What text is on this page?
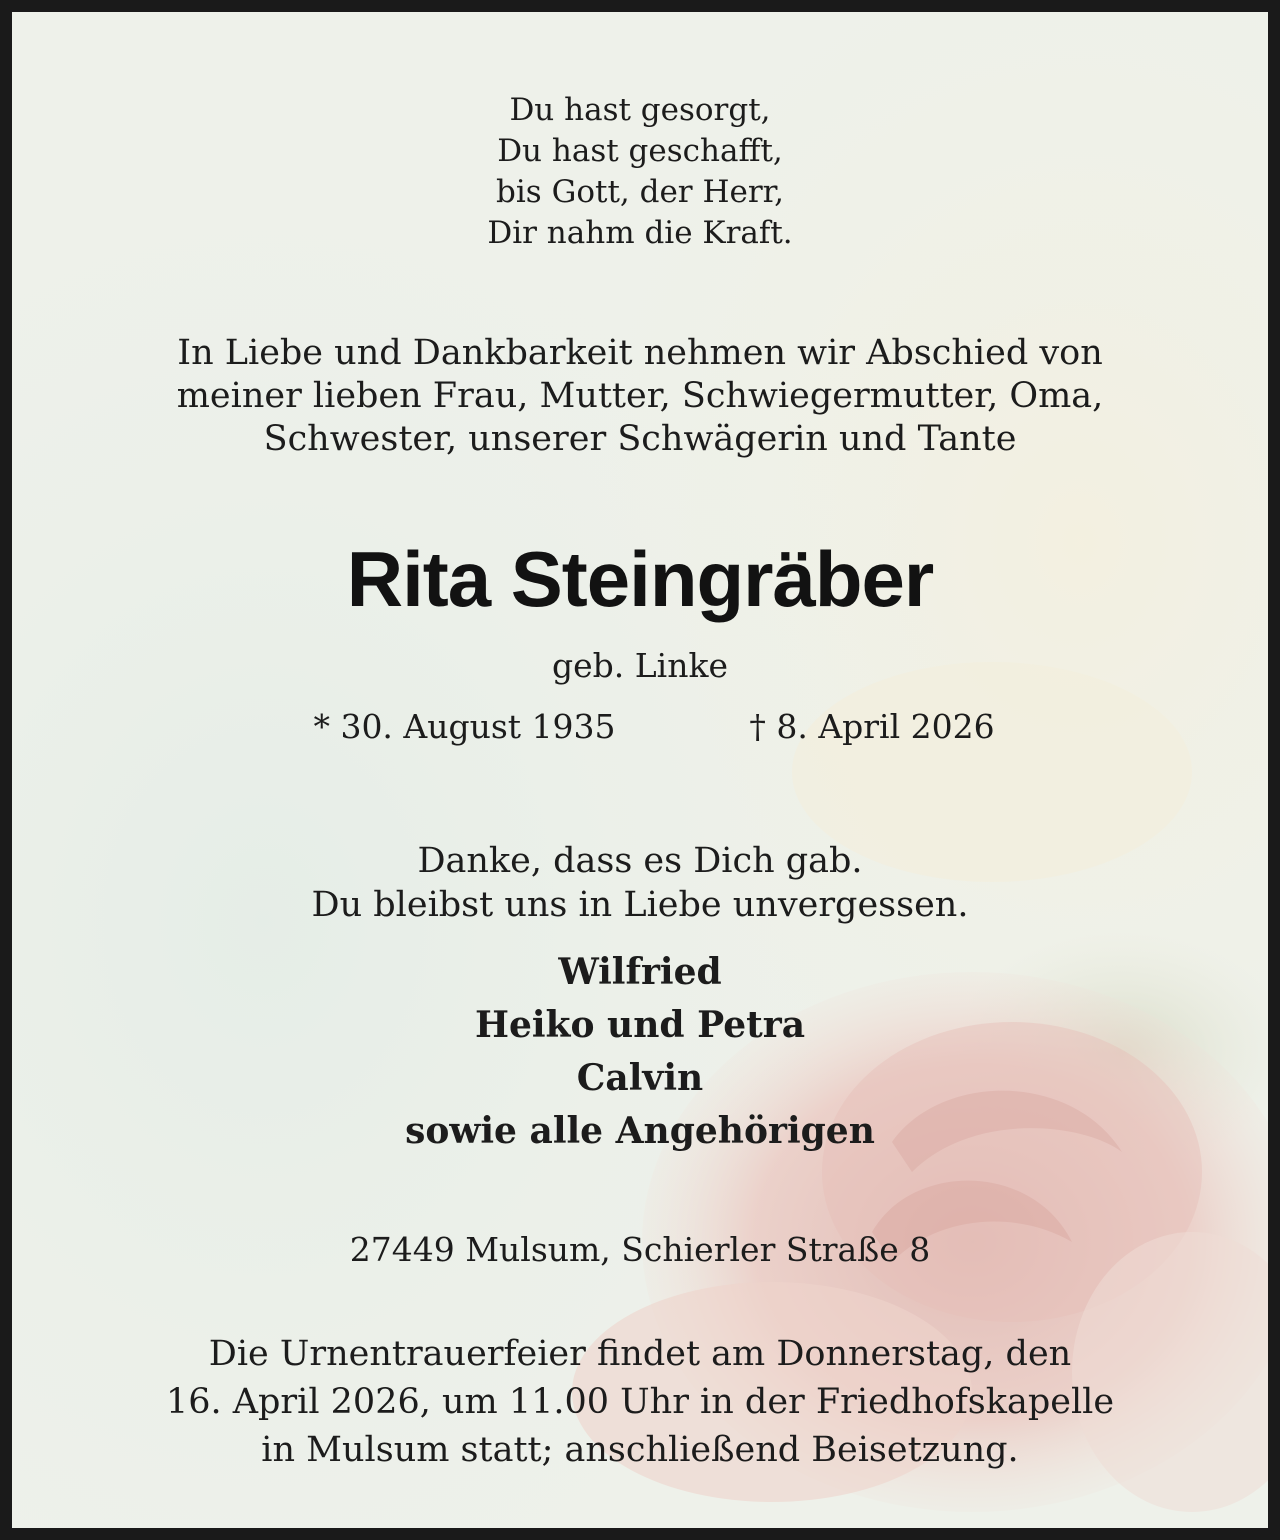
Du hast gesorgt,
Du hast geschafft,
bis Gott, der Herr,
Dir nahm die Kraft.
In Liebe und Dankbarkeit nehmen wir Abschied von
meiner lieben Frau, Mutter, Schwiegermutter, Oma,
Schwester, unserer Schwägerin und Tante
Rita Steingräber
geb. Linke
* 30. August 1935	† 8. April 2026
Danke, dass es Dich gab.
Du bleibst uns in Liebe unvergessen.
Wilfried
Heiko und Petra
Calvin
sowie alle Angehörigen
27449 Mulsum, Schierler Straße 8
Die Urnentrauerfeier findet am Donnerstag, den
16. April 2026, um 11.00 Uhr in der Friedhofskapelle
in Mulsum statt; anschließend Beisetzung.
